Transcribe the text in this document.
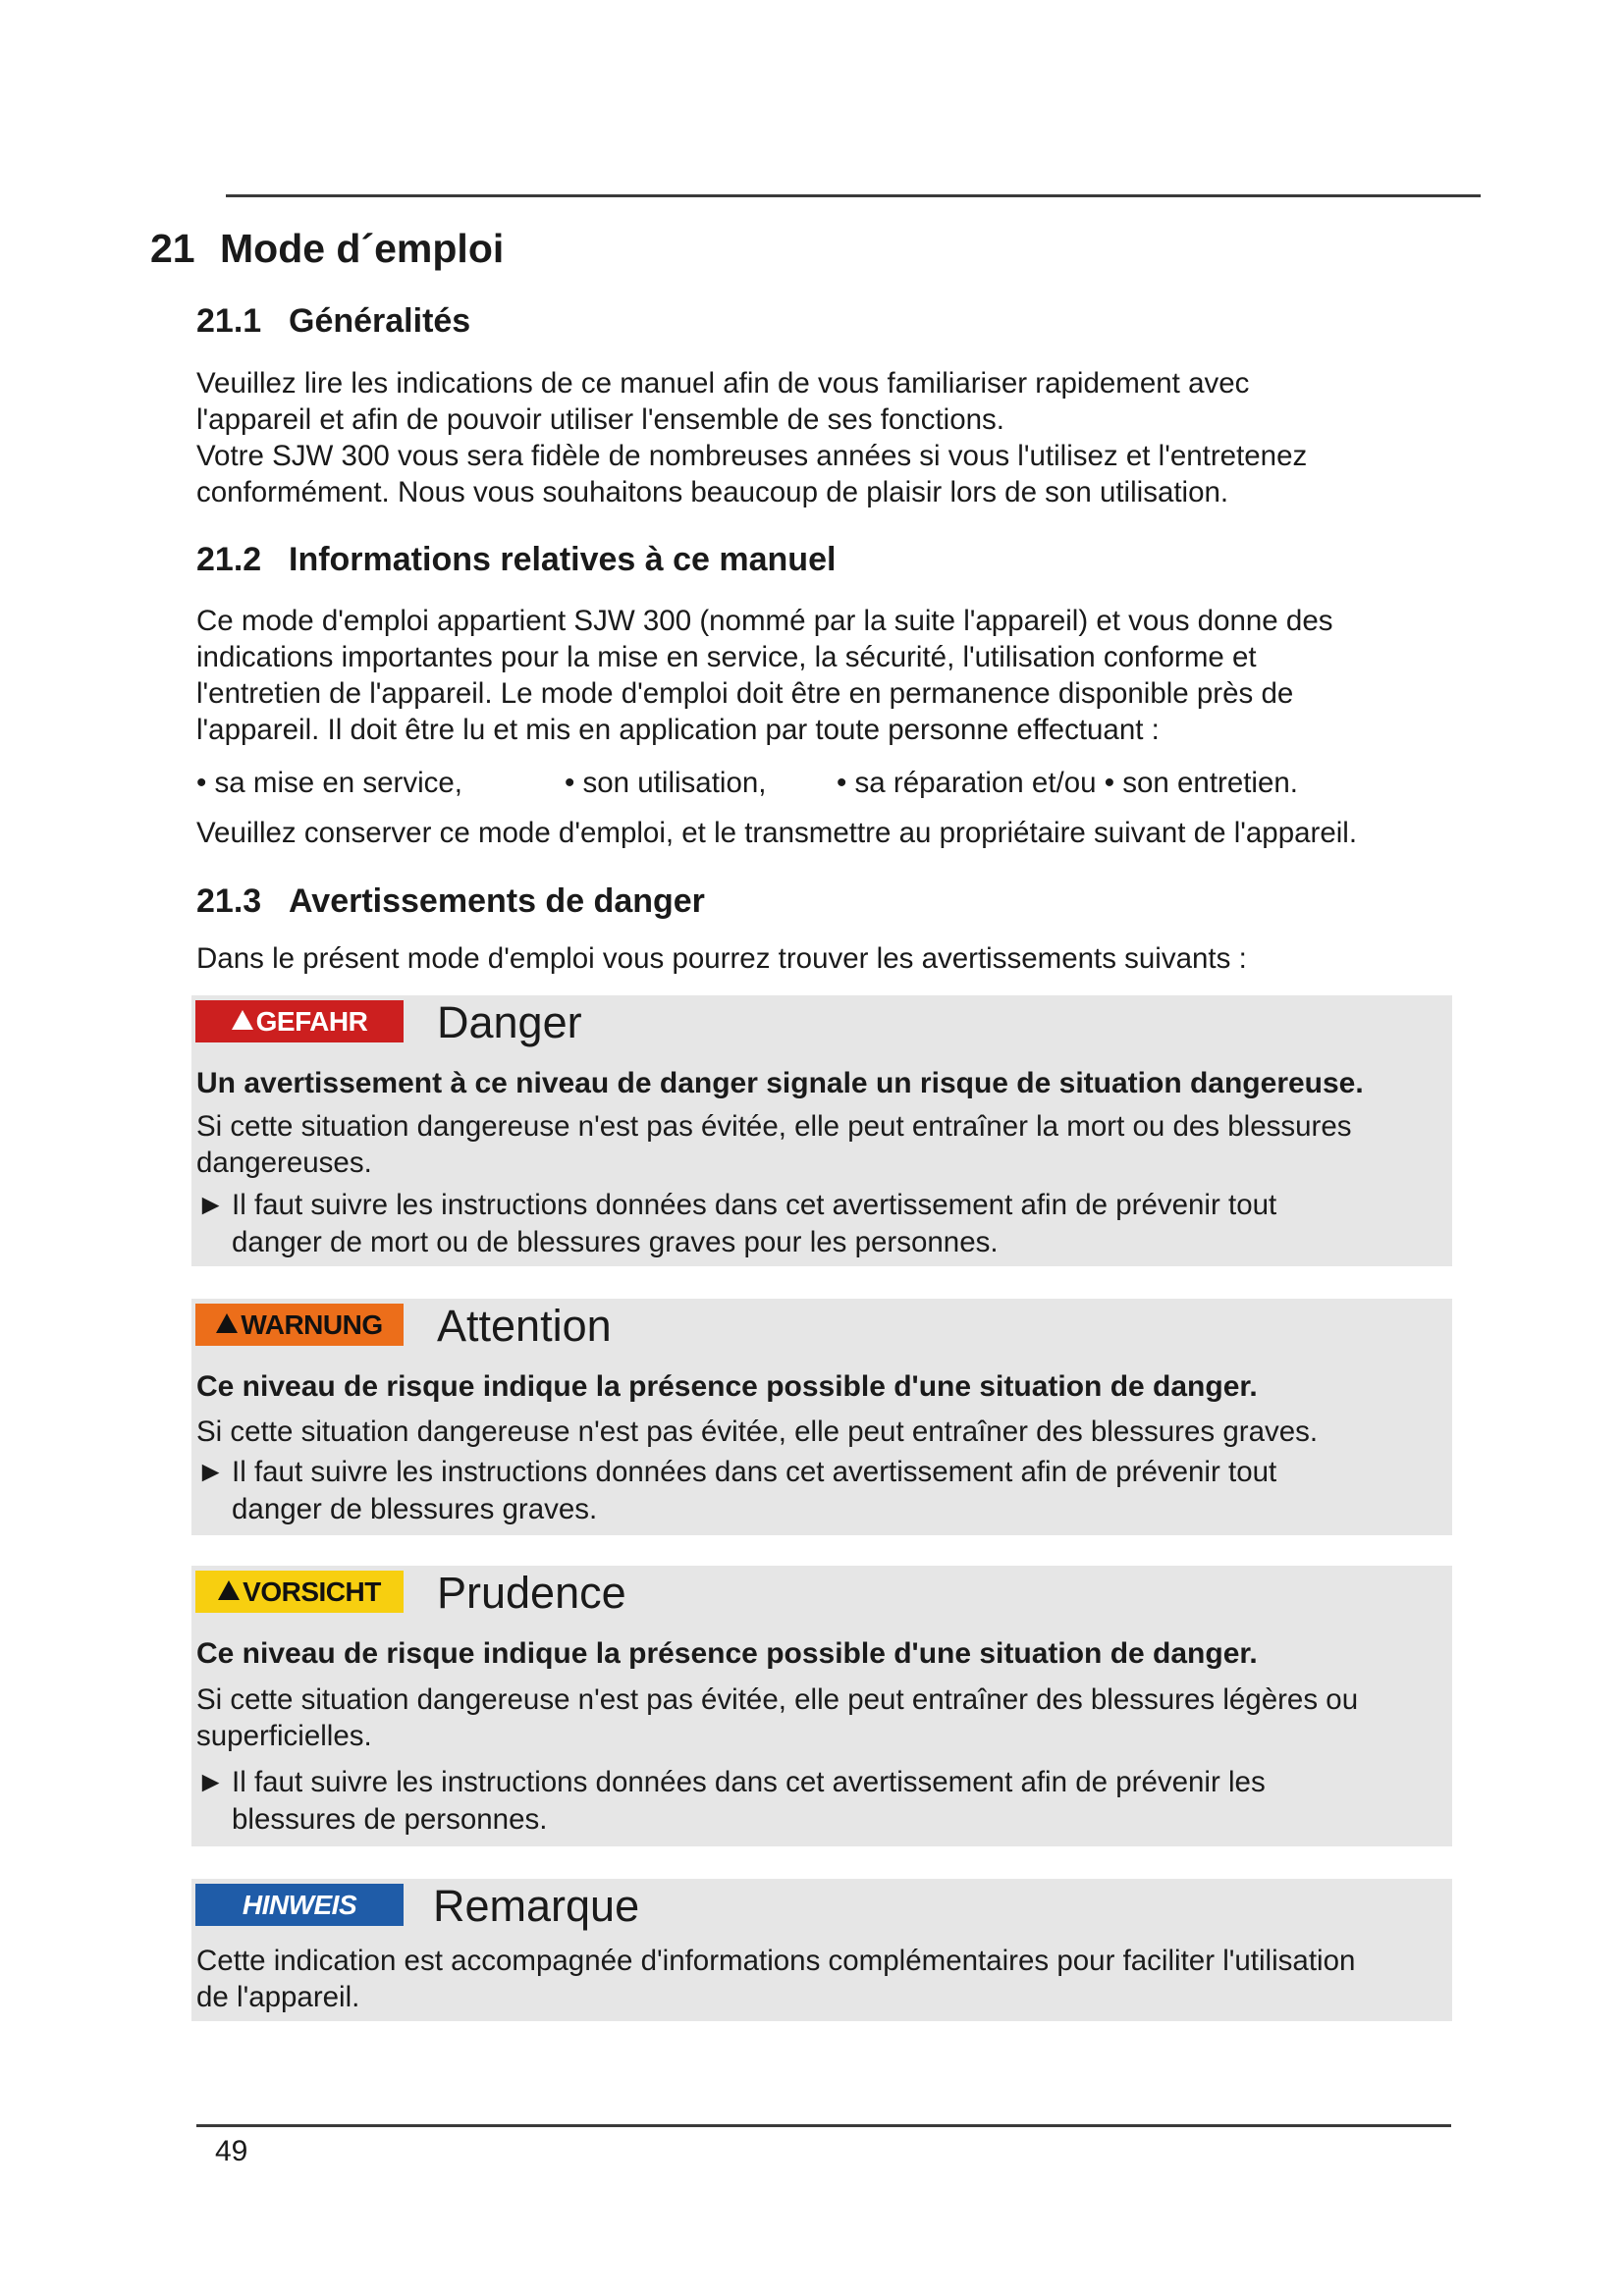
21 Mode d´emploi
21.1 Généralités
Veuillez lire les indications de ce manuel afin de vous familiariser rapidement avec
l'appareil et afin de pouvoir utiliser l'ensemble de ses fonctions.
Votre SJW 300 vous sera fidèle de nombreuses années si vous l'utilisez et l'entretenez
conformément. Nous vous souhaitons beaucoup de plaisir lors de son utilisation.
21.2 Informations relatives à ce manuel
Ce mode d'emploi appartient SJW 300 (nommé par la suite l'appareil) et vous donne des
indications importantes pour la mise en service, la sécurité, l'utilisation conforme et
l'entretien de l'appareil. Le mode d'emploi doit être en permanence disponible près de
l'appareil. Il doit être lu et mis en application par toute personne effectuant :
• sa mise en service,	• son utilisation, • sa réparation et/ou • son entretien.
Veuillez conserver ce mode d'emploi, et le transmettre au propriétaire suivant de l'appareil.
21.3 Avertissements de danger
Dans le présent mode d'emploi vous pourrez trouver les avertissements suivants :
GEFAHR	Danger
Un avertissement à ce niveau de danger signale un risque de situation dangereuse.
Si cette situation dangereuse n'est pas évitée, elle peut entraîner la mort ou des blessures
dangereuses.
► Il faut suivre les instructions données dans cet avertissement afin de prévenir tout
danger de mort ou de blessures graves pour les personnes.
WARNUNG	Attention
Ce niveau de risque indique la présence possible d'une situation de danger.
Si cette situation dangereuse n'est pas évitée, elle peut entraîner des blessures graves.
► Il faut suivre les instructions données dans cet avertissement afin de prévenir tout
danger de blessures graves.
VORSICHT	Prudence
Ce niveau de risque indique la présence possible d'une situation de danger.
Si cette situation dangereuse n'est pas évitée, elle peut entraîner des blessures légères ou
superficielles.
► Il faut suivre les instructions données dans cet avertissement afin de prévenir les
blessures de personnes.
HINWEIS	Remarque
Cette indication est accompagnée d'informations complémentaires pour faciliter l'utilisation
de l'appareil.
49
